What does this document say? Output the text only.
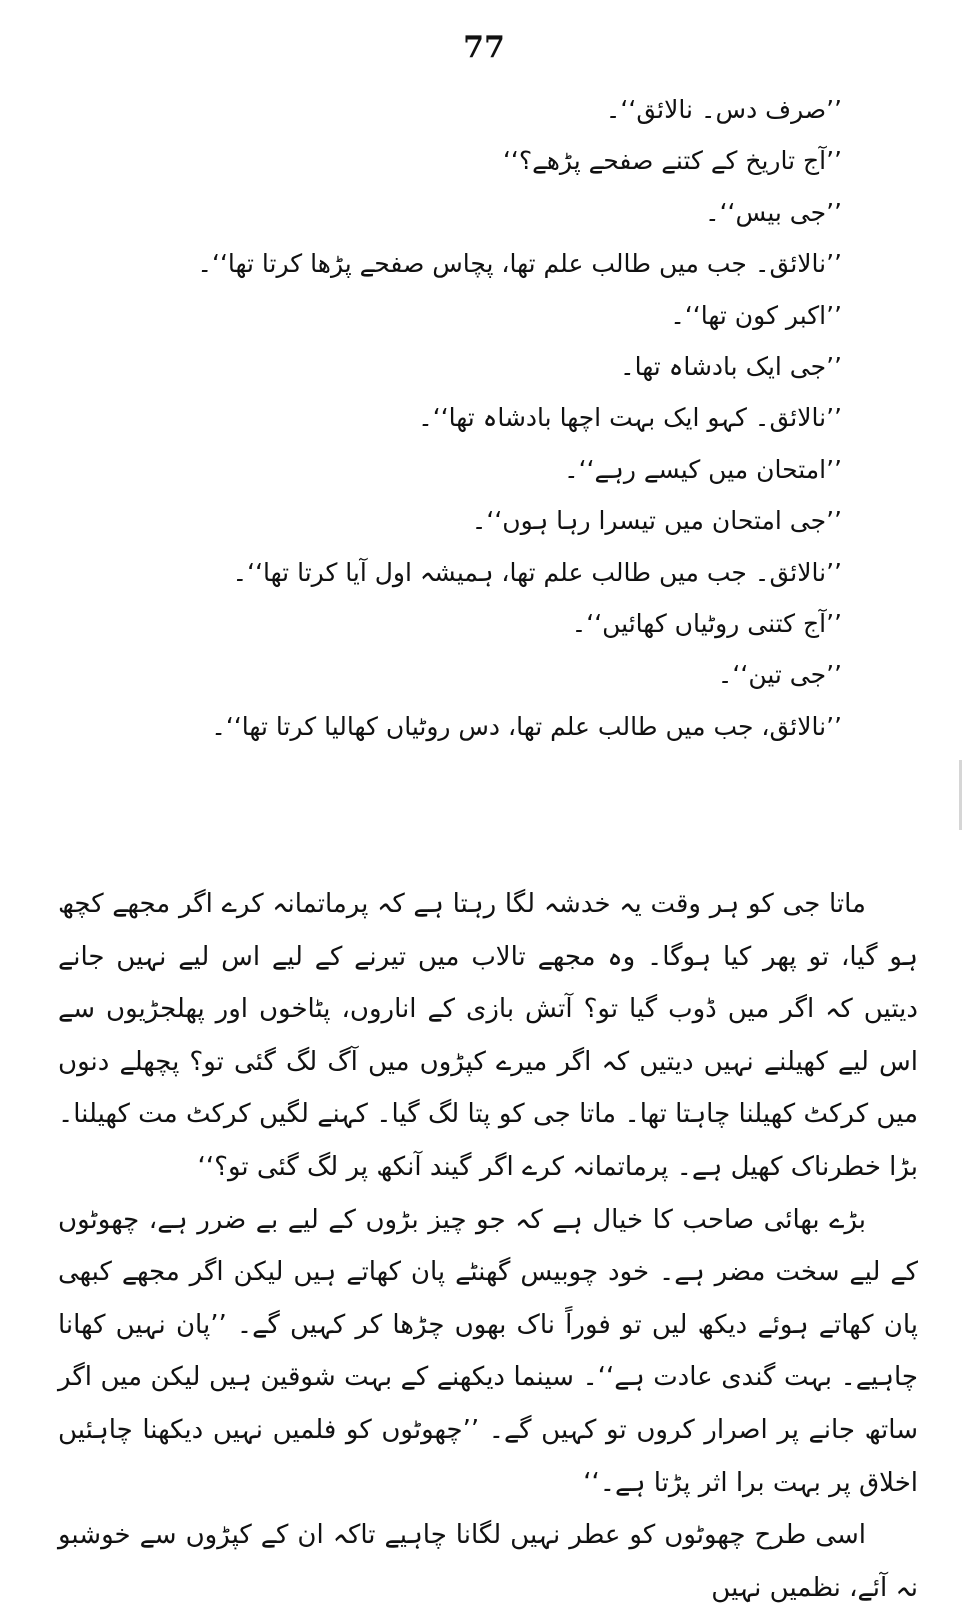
77
’’صرف دس۔ نالائق‘‘۔
’’آج تاریخ کے کتنے صفحے پڑھے؟‘‘
’’جی بیس‘‘۔
’’نالائق۔ جب میں طالب علم تھا، پچاس صفحے پڑھا کرتا تھا‘‘۔
’’اکبر کون تھا‘‘۔
’’جی ایک بادشاہ تھا۔
’’نالائق۔ کہو ایک بہت اچھا بادشاہ تھا‘‘۔
’’امتحان میں کیسے رہے‘‘۔
’’جی امتحان میں تیسرا رہا ہوں‘‘۔
’’نالائق۔ جب میں طالب علم تھا، ہمیشہ اول آیا کرتا تھا‘‘۔
’’آج کتنی روٹیاں کھائیں‘‘۔
’’جی تین‘‘۔
’’نالائق، جب میں طالب علم تھا، دس روٹیاں کھالیا کرتا تھا‘‘۔

ماتا جی کو ہر وقت یہ خدشہ لگا رہتا ہے کہ پرماتمانہ کرے اگر مجھے کچھ ہو گیا، تو پھر کیا ہوگا۔ وہ مجھے تالاب میں تیرنے کے لیے اس لیے نہیں جانے دیتیں کہ اگر میں ڈوب گیا تو؟ آتش بازی کے اناروں، پٹاخوں اور پھلجڑیوں سے اس لیے کھیلنے نہیں دیتیں کہ اگر میرے کپڑوں میں آگ لگ گئی تو؟ پچھلے دنوں میں کرکٹ کھیلنا چاہتا تھا۔ ماتا جی کو پتا لگ گیا۔ کہنے لگیں کرکٹ مت کھیلنا۔ بڑا خطرناک کھیل ہے۔ پرماتمانہ کرے اگر گیند آنکھ پر لگ گئی تو؟‘‘

بڑے بھائی صاحب کا خیال ہے کہ جو چیز بڑوں کے لیے بے ضرر ہے، چھوٹوں کے لیے سخت مضر ہے۔ خود چوبیس گھنٹے پان کھاتے ہیں لیکن اگر مجھے کبھی پان کھاتے ہوئے دیکھ لیں تو فوراً ناک بھوں چڑھا کر کہیں گے۔ ’’پان نہیں کھانا چاہیے۔ بہت گندی عادت ہے‘‘۔ سینما دیکھنے کے بہت شوقین ہیں لیکن میں اگر ساتھ جانے پر اصرار کروں تو کہیں گے۔ ’’چھوٹوں کو فلمیں نہیں دیکھنا چاہئیں اخلاق پر بہت برا اثر پڑتا ہے۔‘‘

اسی طرح چھوٹوں کو عطر نہیں لگانا چاہیے تاکہ ان کے کپڑوں سے خوشبو نہ آئے، نظمیں نہیں
